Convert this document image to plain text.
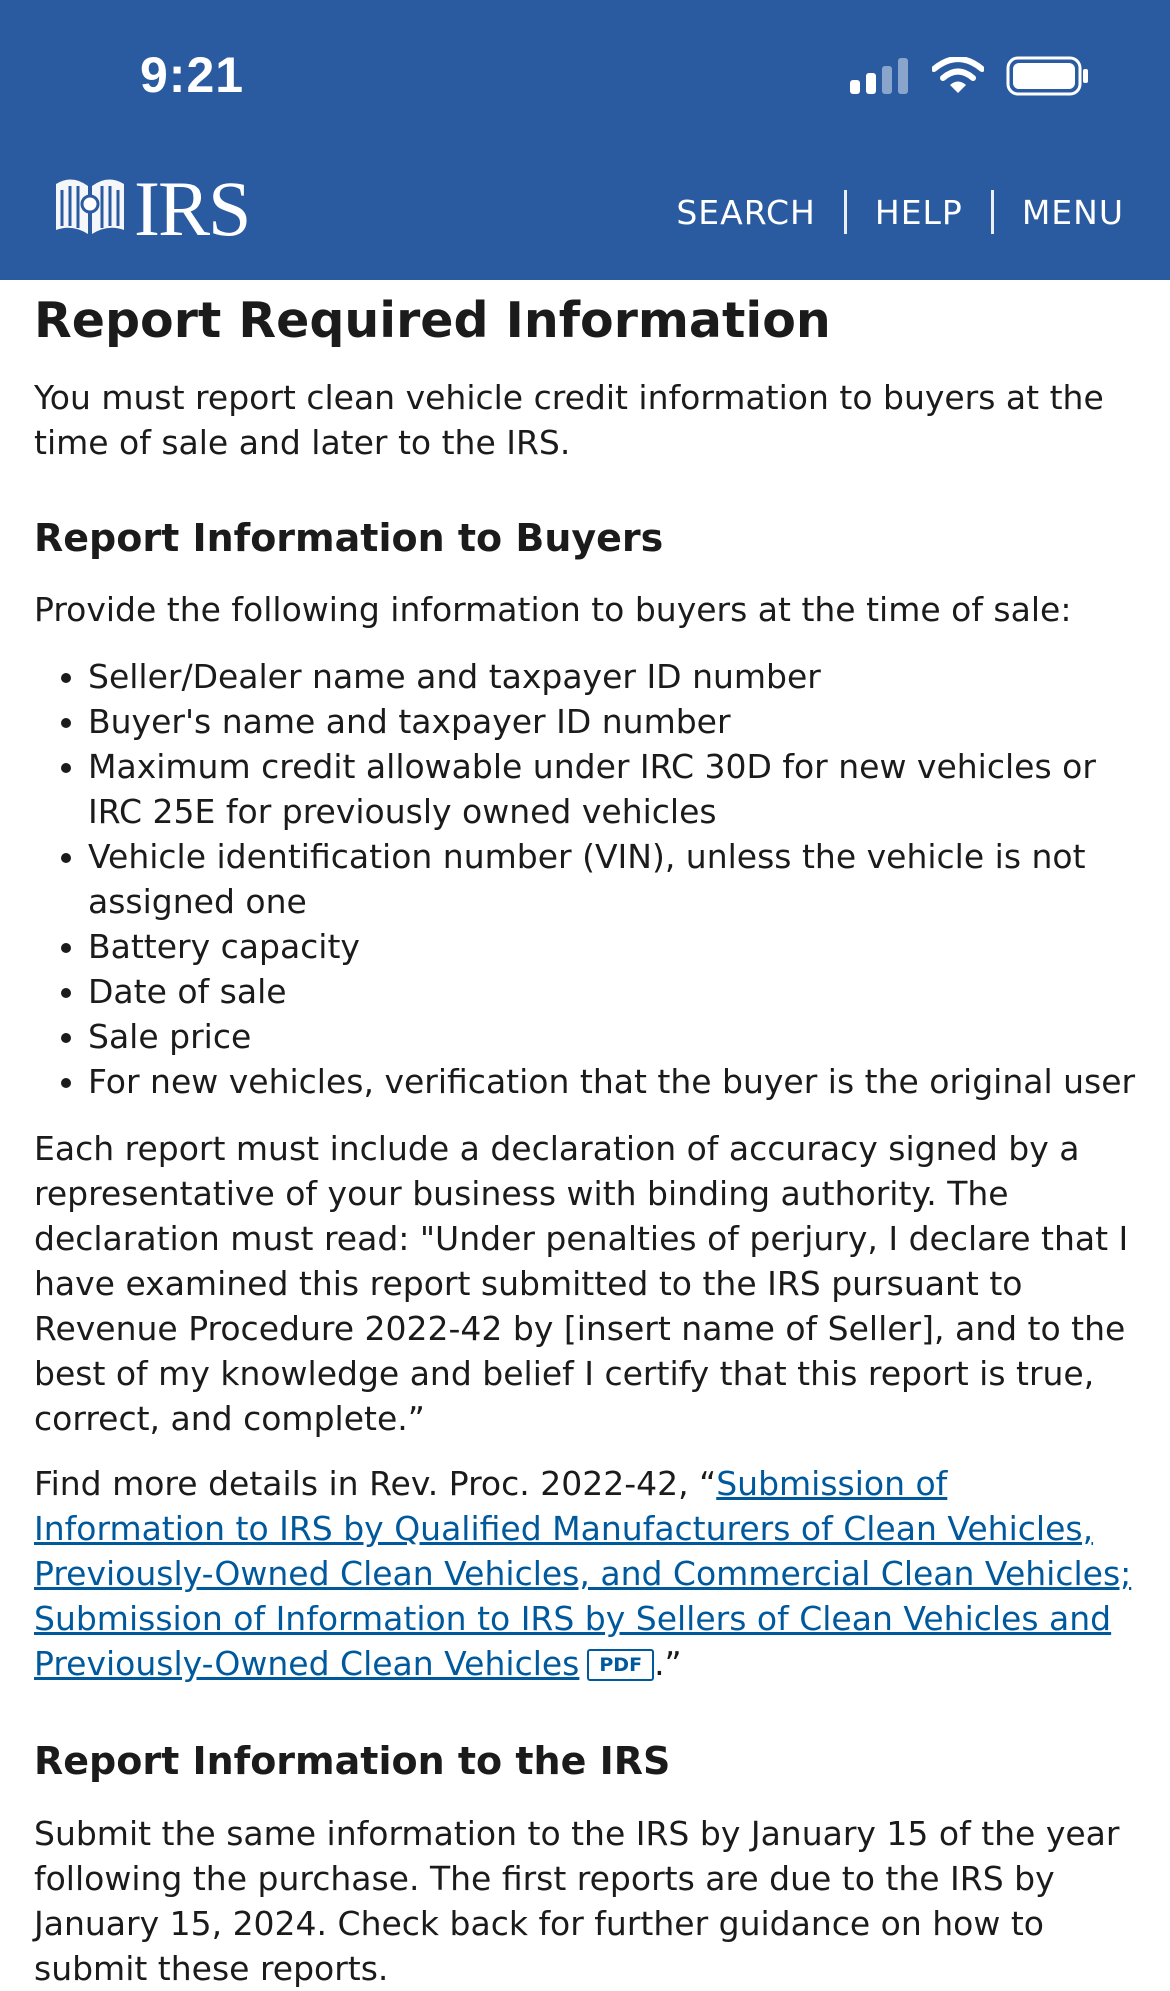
9:21
IRS	SEARCH	HELP	MENU
Report Required Information

You must report clean vehicle credit information to buyers at the time of sale and later to the IRS.

Report Information to Buyers

Provide the following information to buyers at the time of sale:

• Seller/Dealer name and taxpayer ID number
• Buyer's name and taxpayer ID number
• Maximum credit allowable under IRC 30D for new vehicles or IRC 25E for previously owned vehicles
• Vehicle identification number (VIN), unless the vehicle is not assigned one
• Battery capacity
• Date of sale
• Sale price
• For new vehicles, verification that the buyer is the original user

Each report must include a declaration of accuracy signed by a representative of your business with binding authority. The declaration must read: "Under penalties of perjury, I declare that I have examined this report submitted to the IRS pursuant to Revenue Procedure 2022-42 by [insert name of Seller], and to the best of my knowledge and belief I certify that this report is true, correct, and complete.”

Find more details in Rev. Proc. 2022-42, “Submission of Information to IRS by Qualified Manufacturers of Clean Vehicles, Previously-Owned Clean Vehicles, and Commercial Clean Vehicles; Submission of Information to IRS by Sellers of Clean Vehicles and Previously-Owned Clean Vehicles PDF .”

Report Information to the IRS

Submit the same information to the IRS by January 15 of the year following the purchase. The first reports are due to the IRS by January 15, 2024. Check back for further guidance on how to submit these reports.
